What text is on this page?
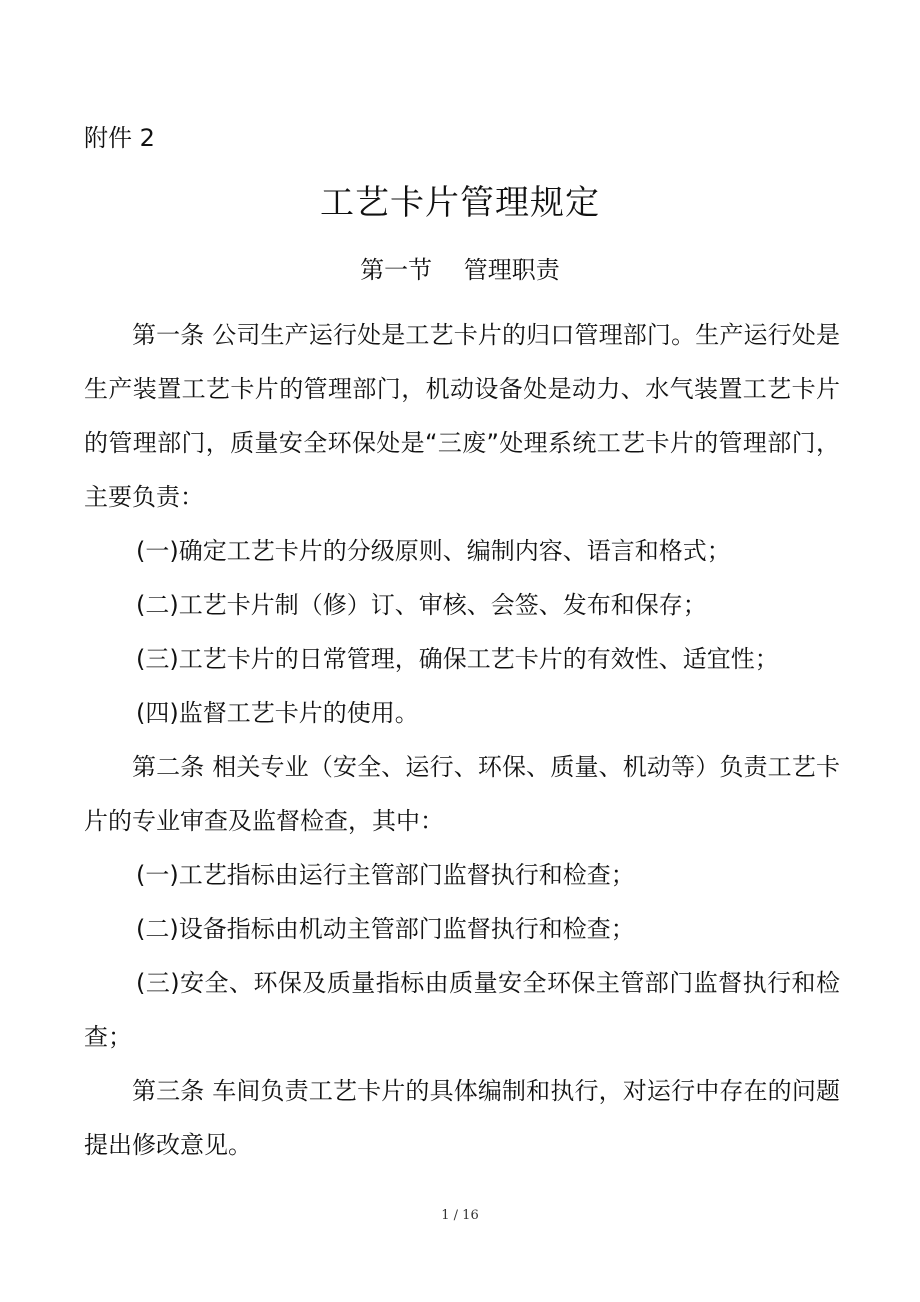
附件 2
工艺卡片管理规定
第一节　 管理职责

第一条 公司生产运行处是工艺卡片的归口管理部门。生产运行处是生产装置工艺卡片的管理部门，机动设备处是动力、水气装置工艺卡片的管理部门，质量安全环保处是“三废”处理系统工艺卡片的管理部门，主要负责：

(一)确定工艺卡片的分级原则、编制内容、语言和格式；

(二)工艺卡片制（修）订、审核、会签、发布和保存；

(三)工艺卡片的日常管理，确保工艺卡片的有效性、适宜性；

(四)监督工艺卡片的使用。

第二条 相关专业（安全、运行、环保、质量、机动等）负责工艺卡片的专业审查及监督检查，其中：

(一)工艺指标由运行主管部门监督执行和检查；

(二)设备指标由机动主管部门监督执行和检查；

(三)安全、环保及质量指标由质量安全环保主管部门监督执行和检查；

第三条 车间负责工艺卡片的具体编制和执行，对运行中存在的问题提出修改意见。

1 / 16
